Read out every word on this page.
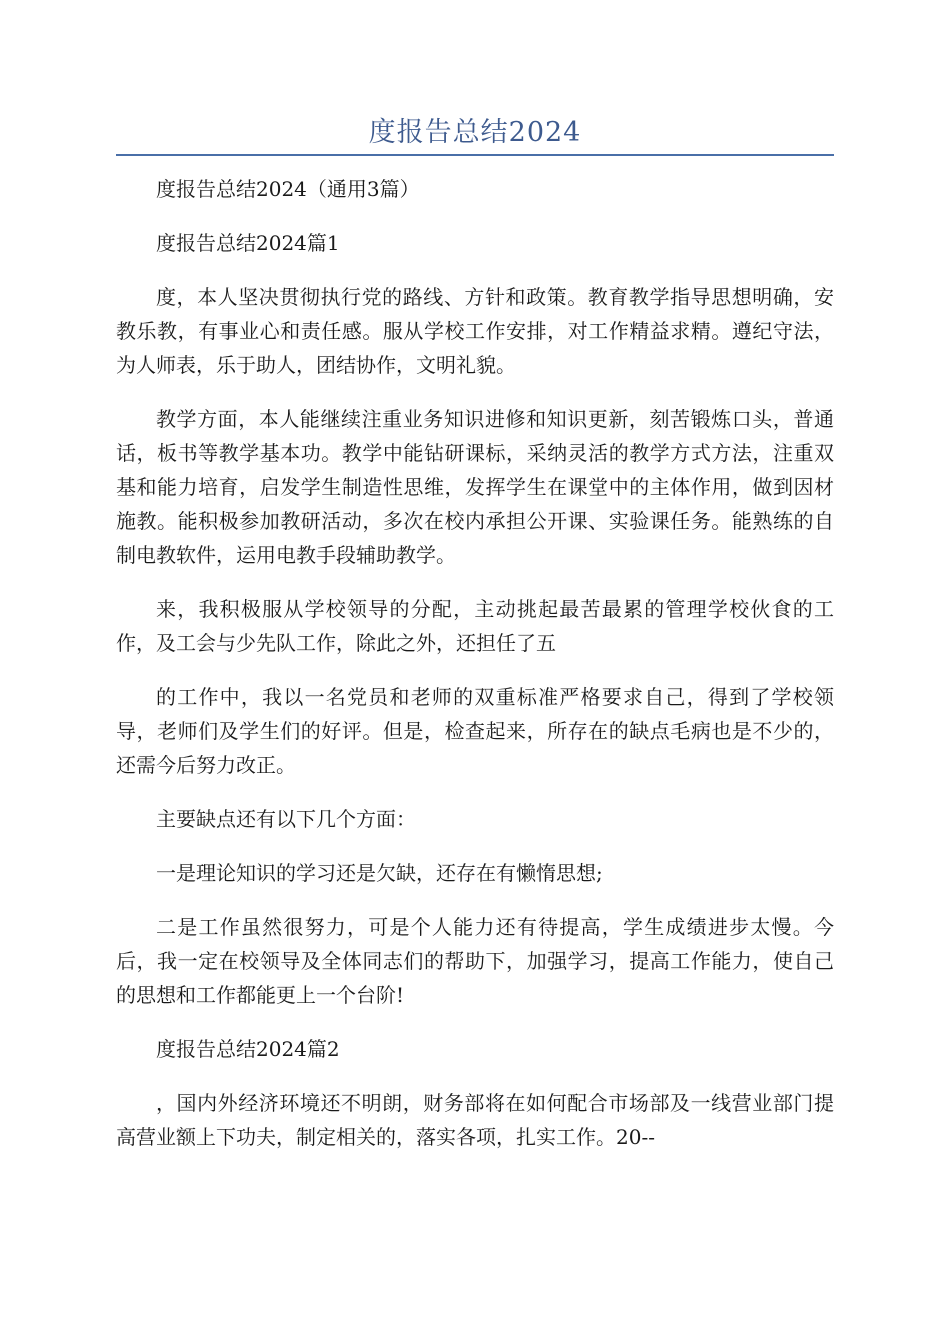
度报告总结2024

度报告总结2024（通用3篇）

度报告总结2024篇1

度，本人坚决贯彻执行党的路线、方针和政策。教育教学指导思想明确，安教乐教，有事业心和责任感。服从学校工作安排，对工作精益求精。遵纪守法，为人师表，乐于助人，团结协作，文明礼貌。

教学方面，本人能继续注重业务知识进修和知识更新，刻苦锻炼口头，普通话，板书等教学基本功。教学中能钻研课标，采纳灵活的教学方式方法，注重双基和能力培育，启发学生制造性思维，发挥学生在课堂中的主体作用，做到因材施教。能积极参加教研活动，多次在校内承担公开课、实验课任务。能熟练的自制电教软件，运用电教手段辅助教学。

来，我积极服从学校领导的分配，主动挑起最苦最累的管理学校伙食的工作，及工会与少先队工作，除此之外，还担任了五

的工作中，我以一名党员和老师的双重标准严格要求自己，得到了学校领导，老师们及学生们的好评。但是，检查起来，所存在的缺点毛病也是不少的，还需今后努力改正。

主要缺点还有以下几个方面：

一是理论知识的学习还是欠缺，还存在有懒惰思想;

二是工作虽然很努力，可是个人能力还有待提高，学生成绩进步太慢。今后，我一定在校领导及全体同志们的帮助下，加强学习，提高工作能力，使自己的思想和工作都能更上一个台阶!

度报告总结2024篇2

，国内外经济环境还不明朗，财务部将在如何配合市场部及一线营业部门提高营业额上下功夫，制定相关的，落实各项，扎实工作。20--
